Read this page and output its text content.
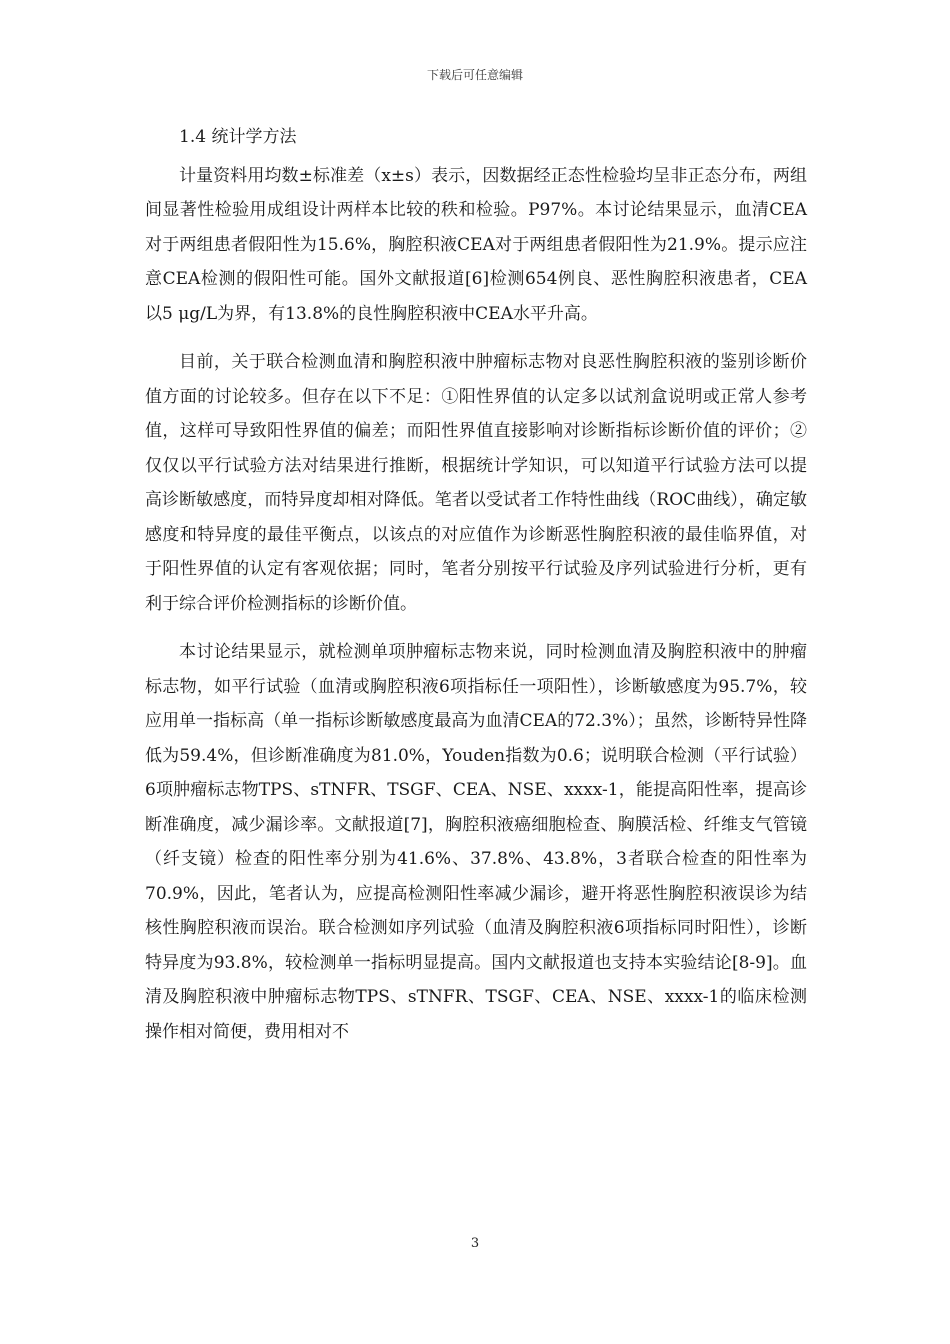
下载后可任意编辑

1.4 统计学方法

计量资料用均数±标准差（x±s）表示，因数据经正态性检验均呈非正态分布，两组间显著性检验用成组设计两样本比较的秩和检验。P97%。本讨论结果显示，血清CEA对于两组患者假阳性为15.6%，胸腔积液CEA对于两组患者假阳性为21.9%。提示应注意CEA检测的假阳性可能。国外文献报道[6]检测654例良、恶性胸腔积液患者，CEA 以5 μg/L为界，有13.8%的良性胸腔积液中CEA水平升高。

目前，关于联合检测血清和胸腔积液中肿瘤标志物对良恶性胸腔积液的鉴别诊断价值方面的讨论较多。但存在以下不足：①阳性界值的认定多以试剂盒说明或正常人参考值，这样可导致阳性界值的偏差；而阳性界值直接影响对诊断指标诊断价值的评价；②仅仅以平行试验方法对结果进行推断，根据统计学知识，可以知道平行试验方法可以提高诊断敏感度，而特异度却相对降低。笔者以受试者工作特性曲线（ROC曲线），确定敏感度和特异度的最佳平衡点，以该点的对应值作为诊断恶性胸腔积液的最佳临界值，对于阳性界值的认定有客观依据；同时，笔者分别按平行试验及序列试验进行分析，更有利于综合评价检测指标的诊断价值。

本讨论结果显示，就检测单项肿瘤标志物来说，同时检测血清及胸腔积液中的肿瘤标志物，如平行试验（血清或胸腔积液6项指标任一项阳性），诊断敏感度为95.7%，较应用单一指标高（单一指标诊断敏感度最高为血清CEA的72.3%）；虽然，诊断特异性降低为59.4%，但诊断准确度为81.0%，Youden指数为0.6；说明联合检测（平行试验）6项肿瘤标志物TPS、sTNFR、TSGF、CEA、NSE、xxxx-1，能提高阳性率，提高诊断准确度，减少漏诊率。文献报道[7]，胸腔积液癌细胞检查、胸膜活检、纤维支气管镜（纤支镜）检查的阳性率分别为41.6%、37.8%、43.8%，3者联合检查的阳性率为70.9%，因此，笔者认为，应提高检测阳性率减少漏诊，避开将恶性胸腔积液误诊为结核性胸腔积液而误治。联合检测如序列试验（血清及胸腔积液6项指标同时阳性），诊断特异度为93.8%，较检测单一指标明显提高。国内文献报道也支持本实验结论[8-9]。血清及胸腔积液中肿瘤标志物TPS、sTNFR、TSGF、CEA、NSE、xxxx-1的临床检测操作相对简便，费用相对不

3
